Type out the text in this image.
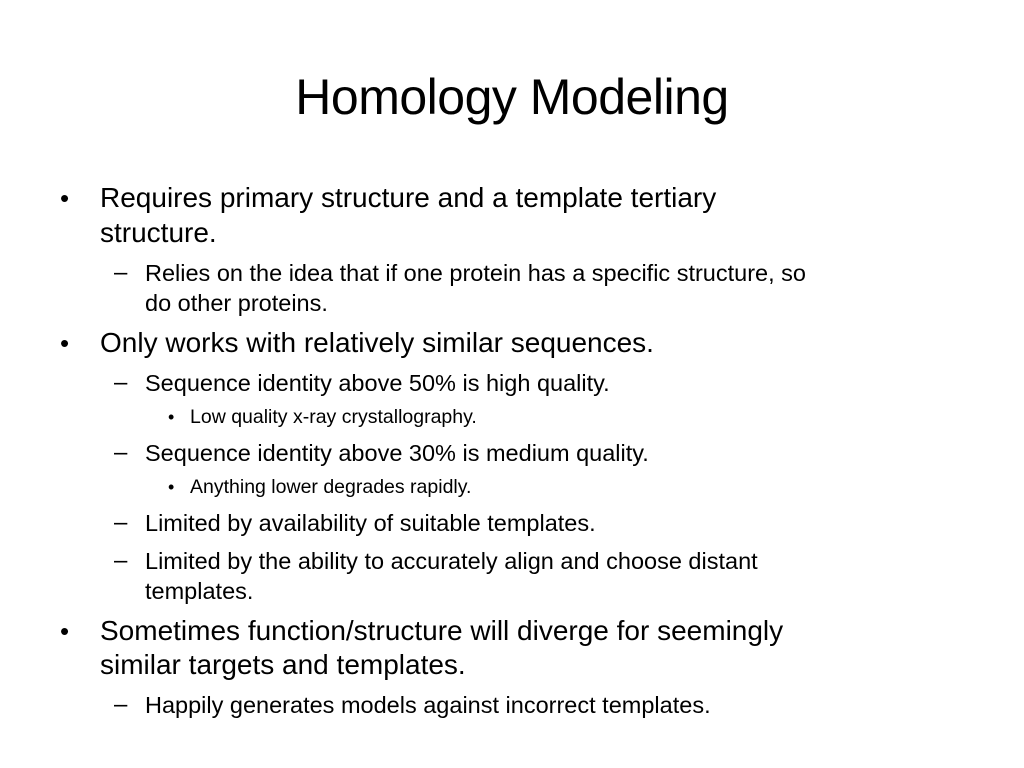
Homology Modeling
• Requires primary structure and a template tertiary
structure.
– Relies on the idea that if one protein has a specific structure, so
do other proteins.
• Only works with relatively similar sequences.
– Sequence identity above 50% is high quality.
• Low quality x-ray crystallography.
– Sequence identity above 30% is medium quality.
• Anything lower degrades rapidly.
– Limited by availability of suitable templates.
– Limited by the ability to accurately align and choose distant
templates.
• Sometimes function/structure will diverge for seemingly
similar targets and templates.
– Happily generates models against incorrect templates.
